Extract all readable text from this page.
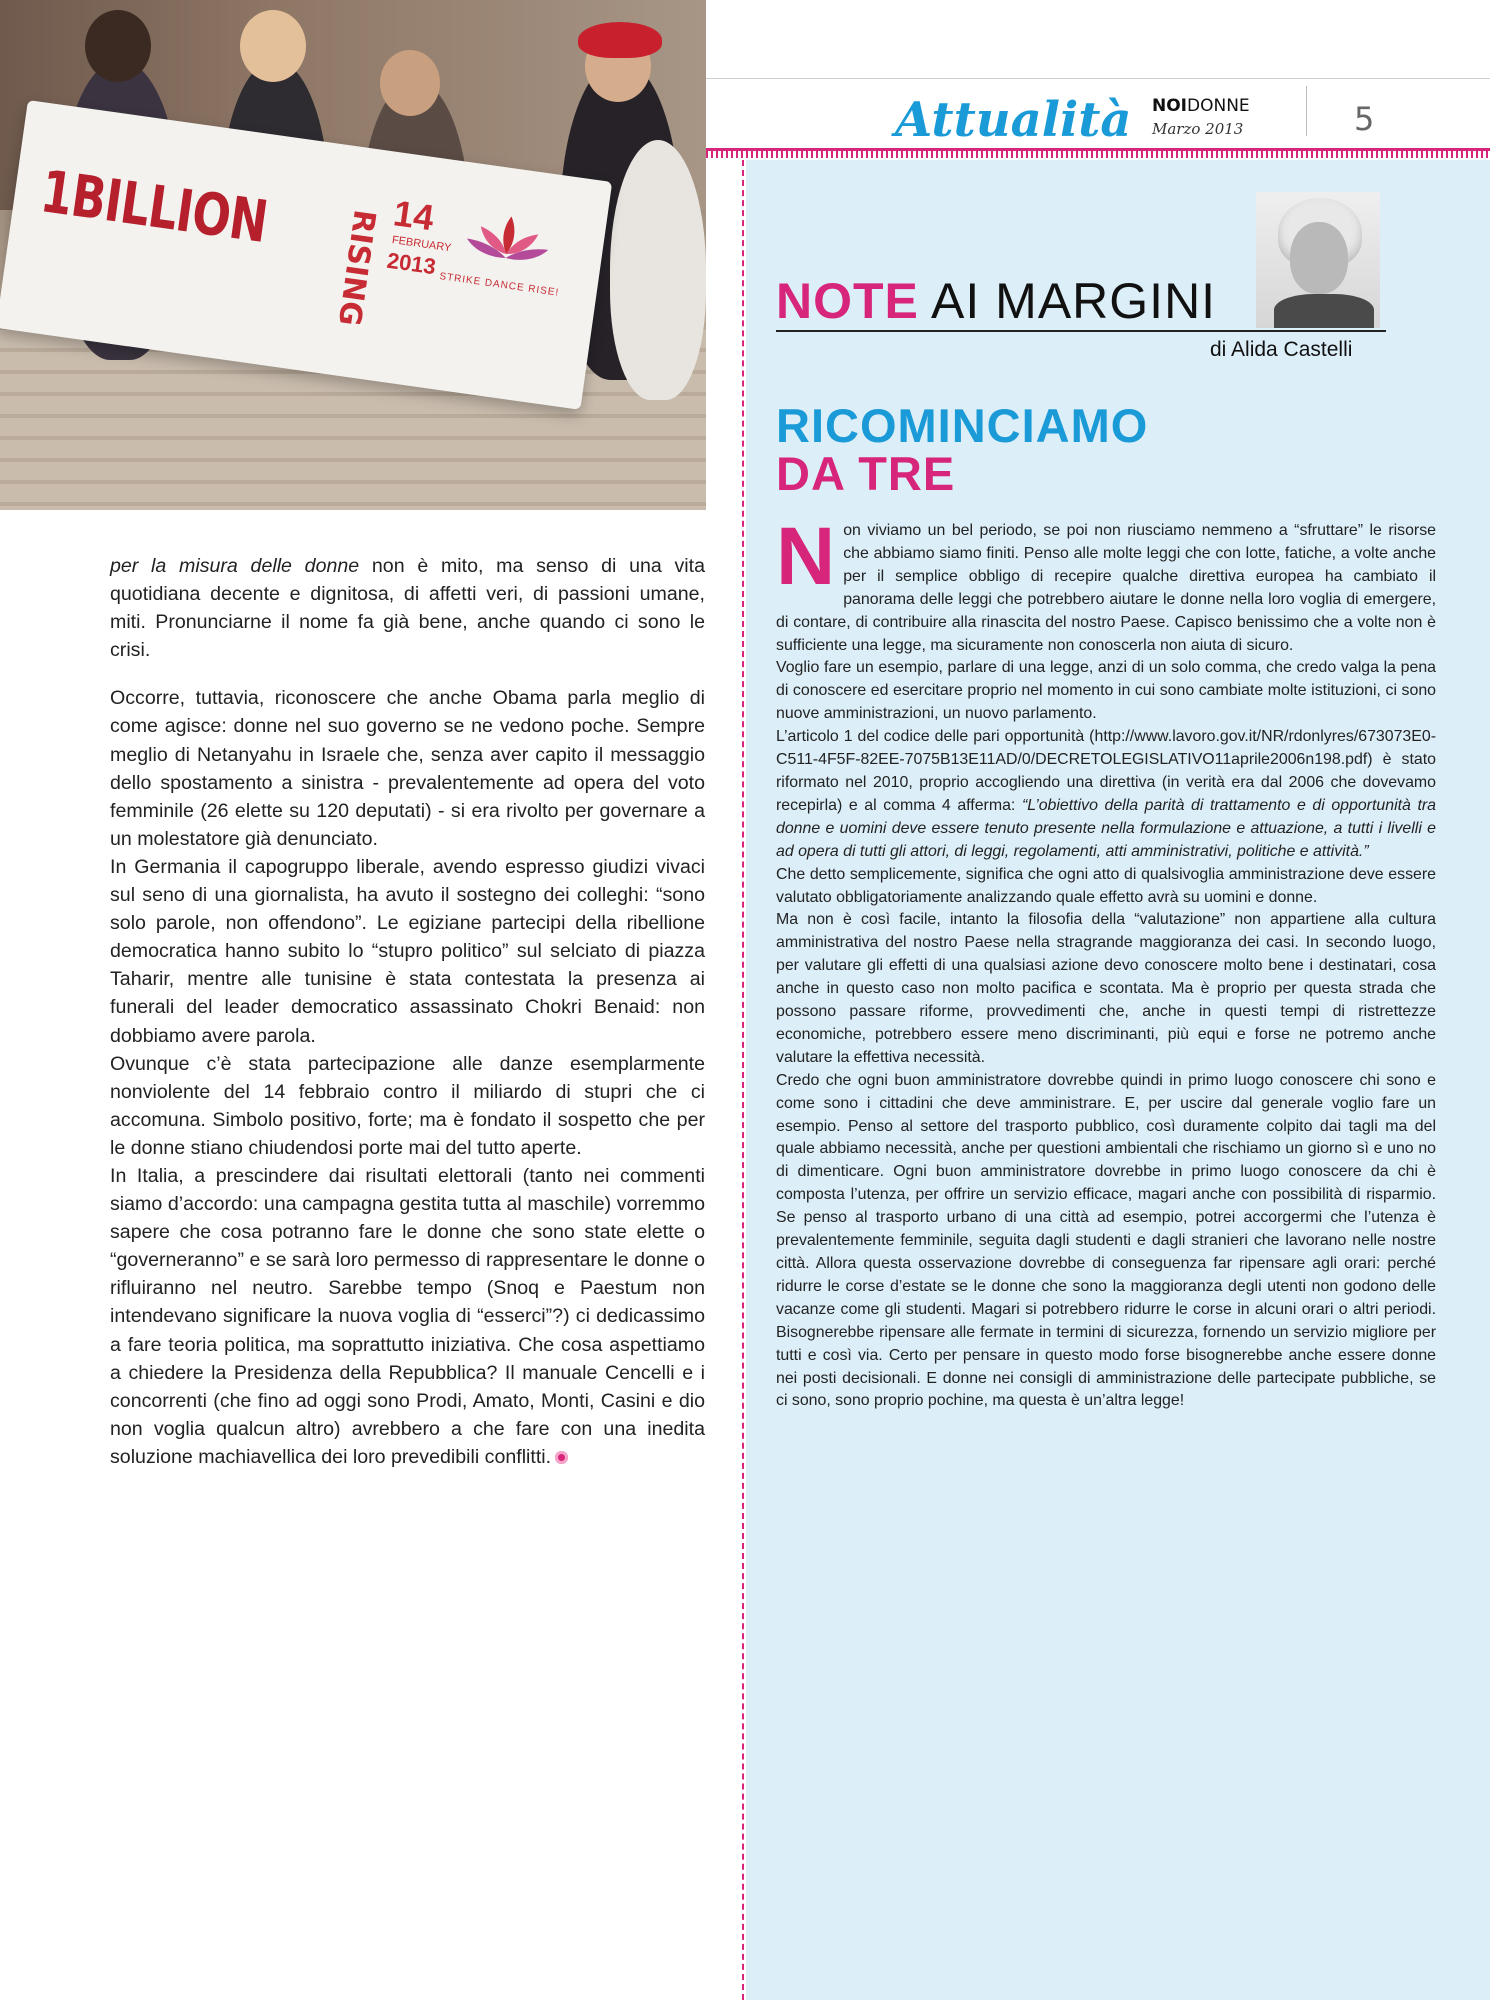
1BILLION
RISING 14
FEBRUARY
2013
STRIKE DANCE RISE!
Attualità NOIDONNE
Marzo 2013	5
NOTE AI MARGINI
di Alida Castelli
RICOMINCIAMO
DA TRE

Non viviamo un bel periodo, se poi non riusciamo nemmeno a “sfruttare” le risorse che abbiamo siamo finiti. Penso alle molte leggi che con lotte, fatiche, a volte anche per il semplice obbligo di recepire qualche direttiva europea ha cambiato il panorama delle leggi che potrebbero aiutare le donne nella loro voglia di emergere, di contare, di contribuire alla rinascita del nostro Paese. Capisco benissimo che a volte non è sufficiente una legge, ma sicuramente non conoscerla non aiuta di sicuro.

Voglio fare un esempio, parlare di una legge, anzi di un solo comma, che credo valga la pena di conoscere ed esercitare proprio nel momento in cui sono cambiate molte istituzioni, ci sono nuove amministrazioni, un nuovo parlamento.

L’articolo 1 del codice delle pari opportunità (http://www.lavoro.gov.it/NR/rdonlyres/673073E0-C511-4F5F-82EE-7075B13E11AD/0/DECRETOLEGISLATIVO11aprile2006n198.pdf) è stato riformato nel 2010, proprio accogliendo una direttiva (in verità era dal 2006 che dovevamo recepirla) e al comma 4 afferma: “L’obiettivo della parità di trattamento e di opportunità tra donne e uomini deve essere tenuto presente nella formulazione e attuazione, a tutti i livelli e ad opera di tutti gli attori, di leggi, regolamenti, atti amministrativi, politiche e attività.”

Che detto semplicemente, significa che ogni atto di qualsivoglia amministrazione deve essere valutato obbligatoriamente analizzando quale effetto avrà su uomini e donne.

Ma non è così facile, intanto la filosofia della “valutazione” non appartiene alla cultura amministrativa del nostro Paese nella stragrande maggioranza dei casi. In secondo luogo, per valutare gli effetti di una qualsiasi azione devo conoscere molto bene i destinatari, cosa anche in questo caso non molto pacifica e scontata. Ma è proprio per questa strada che possono passare riforme, provvedimenti che, anche in questi tempi di ristrettezze economiche, potrebbero essere meno discriminanti, più equi e forse ne potremo anche valutare la effettiva necessità.

Credo che ogni buon amministratore dovrebbe quindi in primo luogo conoscere chi sono e come sono i cittadini che deve amministrare. E, per uscire dal generale voglio fare un esempio. Penso al settore del trasporto pubblico, così duramente colpito dai tagli ma del quale abbiamo necessità, anche per questioni ambientali che rischiamo un giorno sì e uno no di dimenticare. Ogni buon amministratore dovrebbe in primo luogo conoscere da chi è composta l’utenza, per offrire un servizio efficace, magari anche con possibilità di risparmio. Se penso al trasporto urbano di una città ad esempio, potrei accorgermi che l’utenza è prevalentemente femminile, seguita dagli studenti e dagli stranieri che lavorano nelle nostre città. Allora questa osservazione dovrebbe di conseguenza far ripensare agli orari: perché ridurre le corse d’estate se le donne che sono la maggioranza degli utenti non godono delle vacanze come gli studenti. Magari si potrebbero ridurre le corse in alcuni orari o altri periodi. Bisognerebbe ripensare alle fermate in termini di sicurezza, fornendo un servizio migliore per tutti e così via. Certo per pensare in questo modo forse bisognerebbe anche essere donne nei posti decisionali. E donne nei consigli di amministrazione delle partecipate pubbliche, se ci sono, sono proprio pochine, ma questa è un’altra legge!

per la misura delle donne non è mito, ma senso di una vita quotidiana decente e dignitosa, di affetti veri, di passioni umane, miti. Pronunciarne il nome fa già bene, anche quando ci sono le crisi.

Occorre, tuttavia, riconoscere che anche Obama parla meglio di come agisce: donne nel suo governo se ne vedono poche. Sempre meglio di Netanyahu in Israele che, senza aver capito il messaggio dello spostamento a sinistra - prevalentemente ad opera del voto femminile (26 elette su 120 deputati) - si era rivolto per governare a un molestatore già denunciato.

In Germania il capogruppo liberale, avendo espresso giudizi vivaci sul seno di una giornalista, ha avuto il sostegno dei colleghi: “sono solo parole, non offendono”. Le egiziane partecipi della ribellione democratica hanno subito lo “stupro politico” sul selciato di piazza Taharir, mentre alle tunisine è stata contestata la presenza ai funerali del leader democratico assassinato Chokri Benaid: non dobbiamo avere parola.

Ovunque c’è stata partecipazione alle danze esemplarmente nonviolente del 14 febbraio contro il miliardo di stupri che ci accomuna. Simbolo positivo, forte; ma è fondato il sospetto che per le donne stiano chiudendosi porte mai del tutto aperte.

In Italia, a prescindere dai risultati elettorali (tanto nei commenti siamo d’accordo: una campagna gestita tutta al maschile) vorremmo sapere che cosa potranno fare le donne che sono state elette o “governeranno” e se sarà loro permesso di rappresentare le donne o rifluiranno nel neutro. Sarebbe tempo (Snoq e Paestum non intendevano significare la nuova voglia di “esserci”?) ci dedicassimo a fare teoria politica, ma soprattutto iniziativa. Che cosa aspettiamo a chiedere la Presidenza della Repubblica? Il manuale Cencelli e i concorrenti (che fino ad oggi sono Prodi, Amato, Monti, Casini e dio non voglia qualcun altro) avrebbero a che fare con una inedita soluzione machiavellica dei loro prevedibili conflitti.
